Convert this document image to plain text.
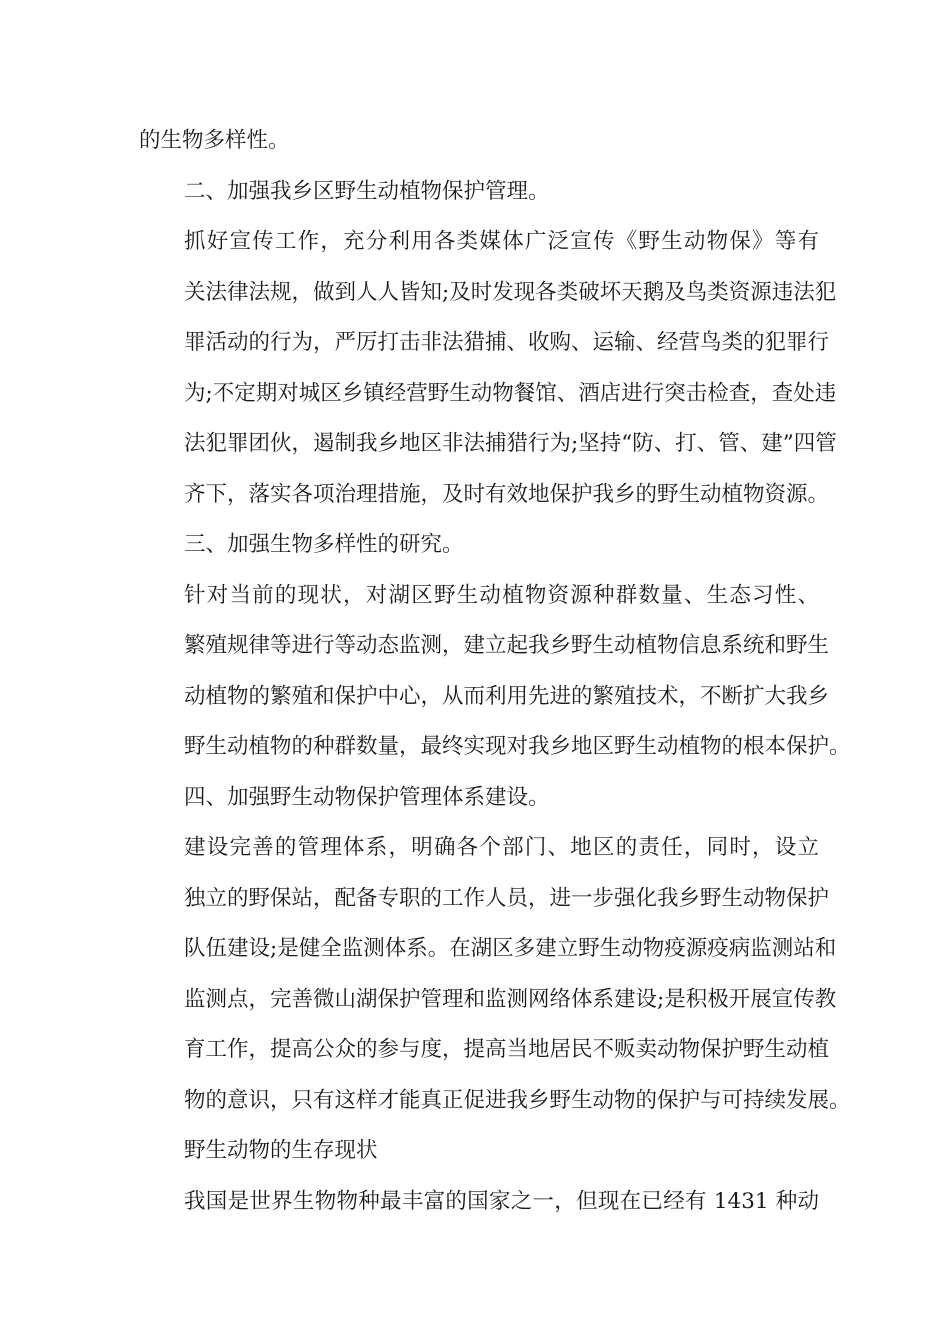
的生物多样性。
二、加强我乡区野生动植物保护管理。
抓好宣传工作，充分利用各类媒体广泛宣传《野生动物保》等有
关法律法规，做到人人皆知;及时发现各类破坏天鹅及鸟类资源违法犯
罪活动的行为，严厉打击非法猎捕、收购、运输、经营鸟类的犯罪行
为;不定期对城区乡镇经营野生动物餐馆、酒店进行突击检查，查处违
法犯罪团伙，遏制我乡地区非法捕猎行为;坚持“防、打、管、建”四管
齐下，落实各项治理措施，及时有效地保护我乡的野生动植物资源。
三、加强生物多样性的研究。
针对当前的现状，对湖区野生动植物资源种群数量、生态习性、
繁殖规律等进行等动态监测，建立起我乡野生动植物信息系统和野生
动植物的繁殖和保护中心，从而利用先进的繁殖技术，不断扩大我乡
野生动植物的种群数量，最终实现对我乡地区野生动植物的根本保护。
四、加强野生动物保护管理体系建设。
建设完善的管理体系，明确各个部门、地区的责任，同时，设立
独立的野保站，配备专职的工作人员，进一步强化我乡野生动物保护
队伍建设;是健全监测体系。在湖区多建立野生动物疫源疫病监测站和
监测点，完善微山湖保护管理和监测网络体系建设;是积极开展宣传教
育工作，提高公众的参与度，提高当地居民不贩卖动物保护野生动植
物的意识，只有这样才能真正促进我乡野生动物的保护与可持续发展。
野生动物的生存现状
我国是世界生物物种最丰富的国家之一，但现在已经有 1431 种动
